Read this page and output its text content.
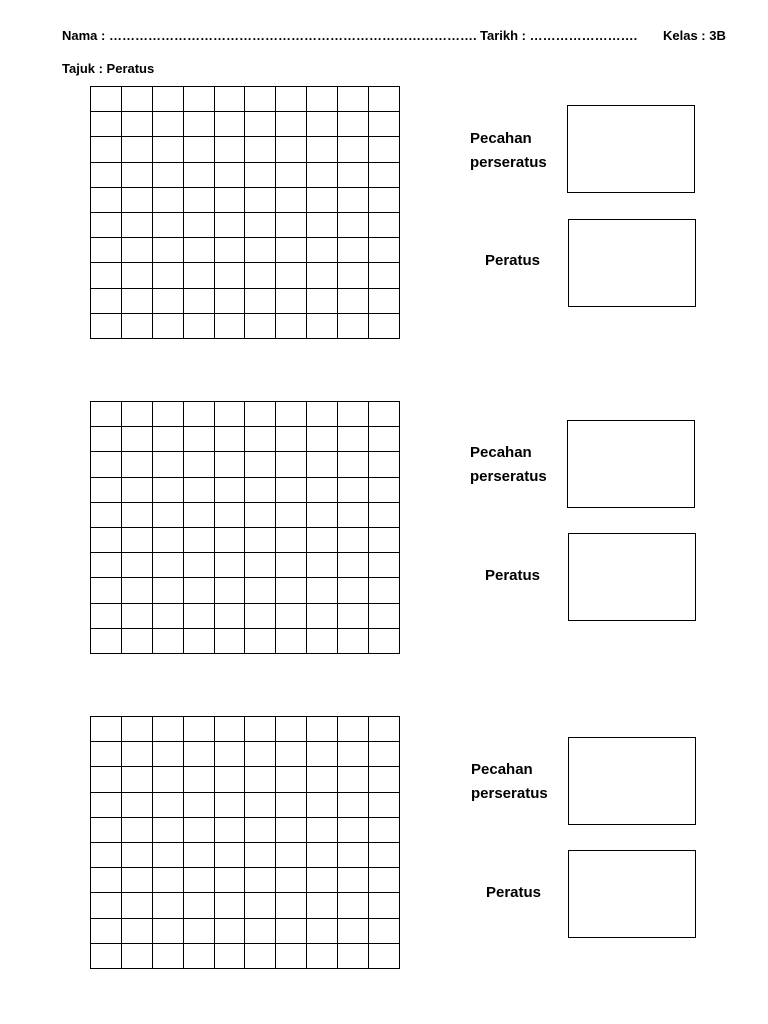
Nama : …………………………………………………………………………. Tarikh : ……………………. Kelas : 3B
Tajuk : Peratus
Pecahan
perseratus
Peratus
Pecahan
perseratus
Peratus
Pecahan
perseratus
Peratus
